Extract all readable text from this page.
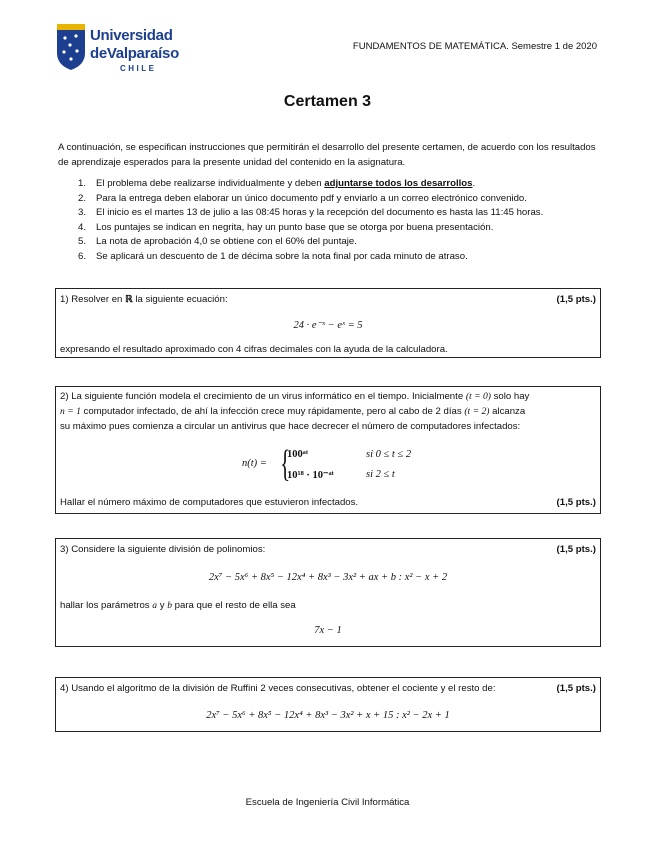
Universidad
deValparaíso
CHILE
FUNDAMENTOS DE MATEMÁTICA. Semestre 1 de 2020
Certamen 3
A continuación, se especifican instrucciones que permitirán el desarrollo del presente certamen, de acuerdo con los resultados de aprendizaje esperados para la presente unidad del contenido en la asignatura.
1. El problema debe realizarse individualmente y deben adjuntarse todos los desarrollos.
2. Para la entrega deben elaborar un único documento pdf y enviarlo a un correo electrónico convenido.
3. El inicio es el martes 13 de julio a las 08:45 horas y la recepción del documento es hasta las 11:45 horas.
4. Los puntajes se indican en negrita, hay un punto base que se otorga por buena presentación.
5. La nota de aprobación 4,0 se obtiene con el 60% del puntaje.
6. Se aplicará un descuento de 1 de décima sobre la nota final por cada minuto de atraso.
1) Resolver en ℝ la siguiente ecuación:	(1,5 pts.)
24 · e⁻ˣ − eˣ = 5
expresando el resultado aproximado con 4 cifras decimales con la ayuda de la calculadora.
2) La siguiente función modela el crecimiento de un virus informático en el tiempo. Inicialmente (t = 0) solo hay
n = 1 computador infectado, de ahí la infección crece muy rápidamente, pero al cabo de 2 días (t = 2) alcanza
su máximo pues comienza a circular un antivirus que hace decrecer el número de computadores infectados:
n(t) = {
100ᵃᵗ	si 0 ≤ t ≤ 2
10¹⁸ · 10⁻ᵃᵗ	si 2 ≤ t
Hallar el número máximo de computadores que estuvieron infectados.	(1,5 pts.)
3) Considere la siguiente división de polinomios:	(1,5 pts.)
2x⁷ − 5x⁶ + 8x⁵ − 12x⁴ + 8x³ − 3x² + ax + b : x² − x + 2
hallar los parámetros a y b para que el resto de ella sea
7x − 1
4) Usando el algoritmo de la división de Ruffini 2 veces consecutivas, obtener el cociente y el resto de:	(1,5 pts.)
2x⁷ − 5x⁶ + 8x⁵ − 12x⁴ + 8x³ − 3x² + x + 15 : x² − 2x + 1
Escuela de Ingeniería Civil Informática
